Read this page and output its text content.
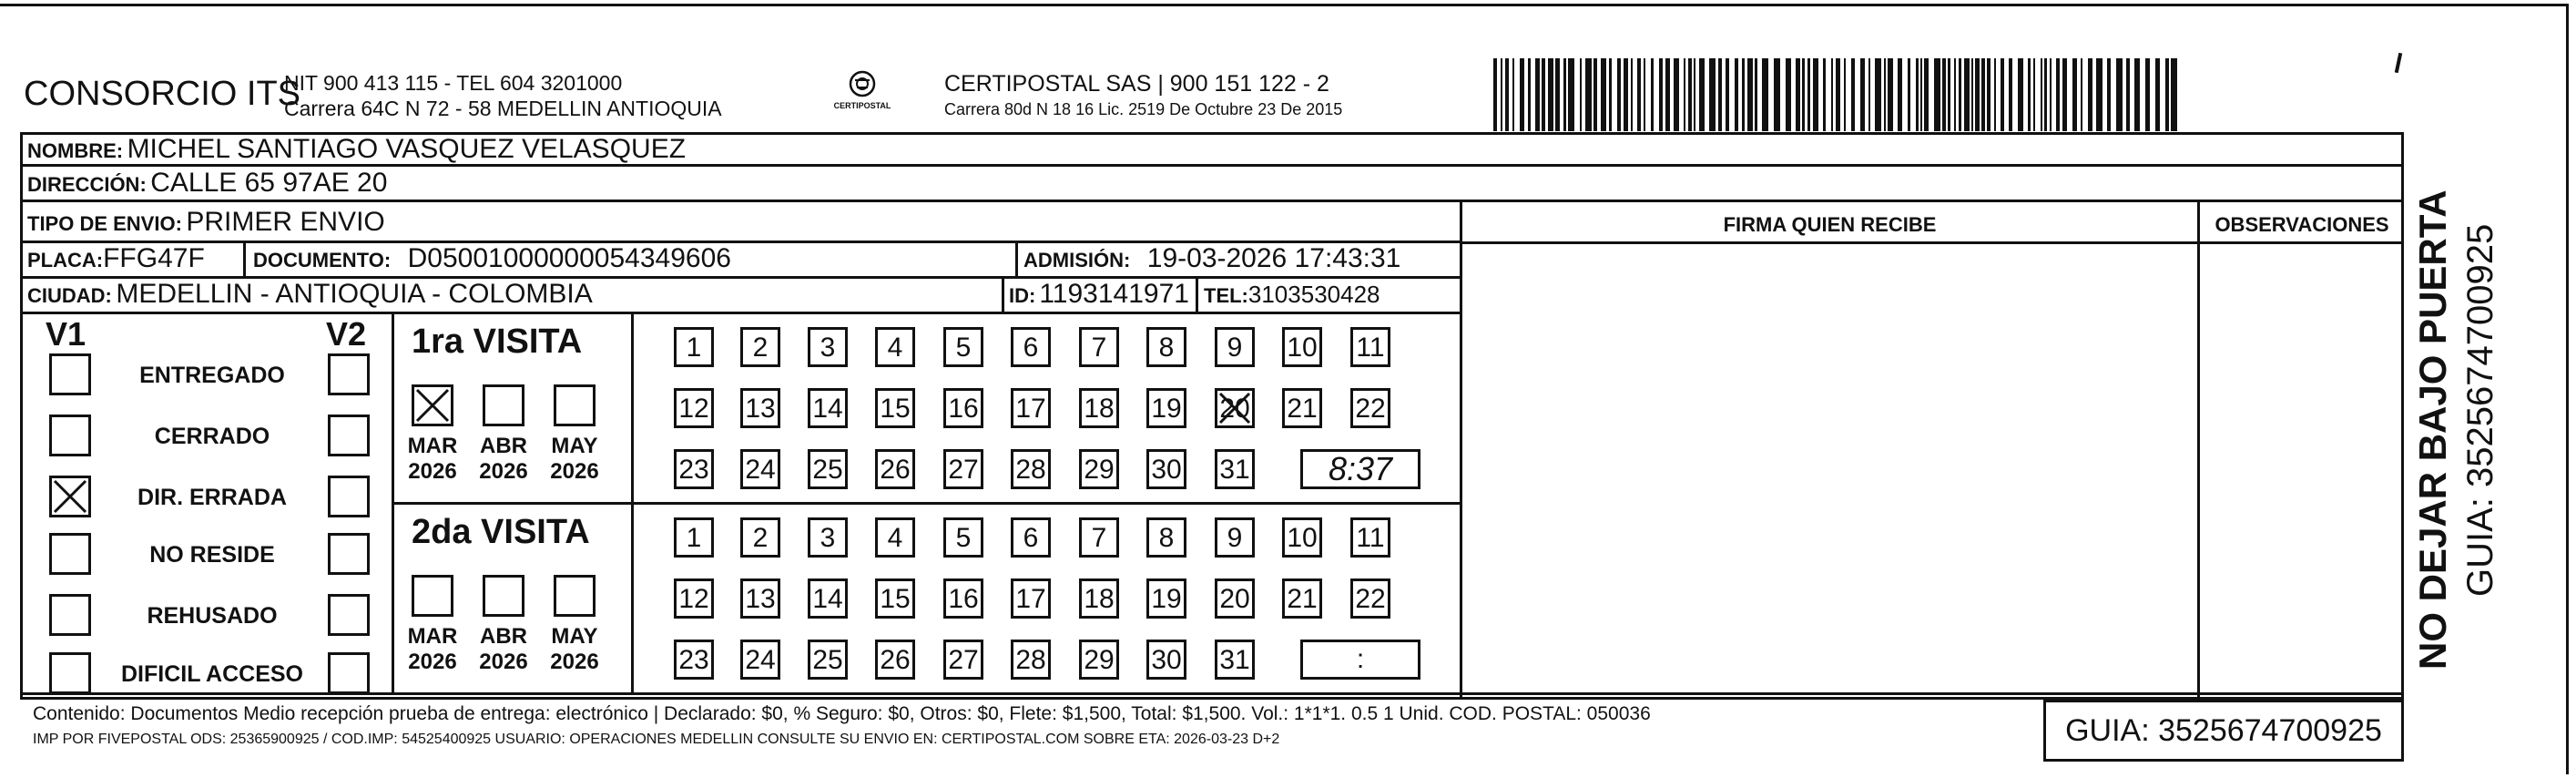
CONSORCIO ITS
NIT 900 413 115 - TEL 604 3201000
Carrera 64C N 72 - 58 MEDELLIN ANTIOQUIA	CERTIPOSTAL
CERTIPOSTAL SAS | 900 151 122 - 2
Carrera 80d N 18 16 Lic. 2519 De Octubre 23 De 2015
NOMBRE: MICHEL SANTIAGO VASQUEZ VELASQUEZ
DIRECCIÓN: CALLE 65 97AE 20
TIPO DE ENVIO: PRIMER ENVIO	FIRMA QUIEN RECIBE	OBSERVACIONES
PLACA:FFG47F DOCUMENTO: D05001000000054349606	ADMISIÓN: 19-03-2026 17:43:31
CIUDAD: MEDELLIN - ANTIOQUIA - COLOMBIA	ID: 1193141971 TEL:3103530428
V1	V2
ENTREGADO
CERRADO
DIR. ERRADA
NO RESIDE
REHUSADO
DIFICIL ACCESO
1ra VISITA
MAR
2026
ABR
2026
MAY
2026
1	2	3	4	5	6	7	8	9	10 11
12 13 14 15 16 17 18 19 20 21 22
23 24 25 26 27 28 29 30 31	8:37
2da VISITA
MAR
2026
ABR
2026
MAY
2026
1	2	3	4	5	6	7	8	9	10 11
12 13 14 15 16 17 18 19 20 21 22
23 24 25 26 27 28 29 30 31	:
Contenido: Documentos Medio recepción prueba de entrega: electrónico | Declarado: $0, % Seguro: $0, Otros: $0, Flete: $1,500, Total: $1,500. Vol.: 1*1*1. 0.5 1 Unid. COD. POSTAL: 050036
IMP POR FIVEPOSTAL ODS: 25365900925 / COD.IMP: 54525400925 USUARIO: OPERACIONES MEDELLIN CONSULTE SU ENVIO EN: CERTIPOSTAL.COM SOBRE ETA: 2026-03-23 D+2	GUIA: 3525674700925
NO DEJAR BAJO PUERTA GUIA: 3525674700925
